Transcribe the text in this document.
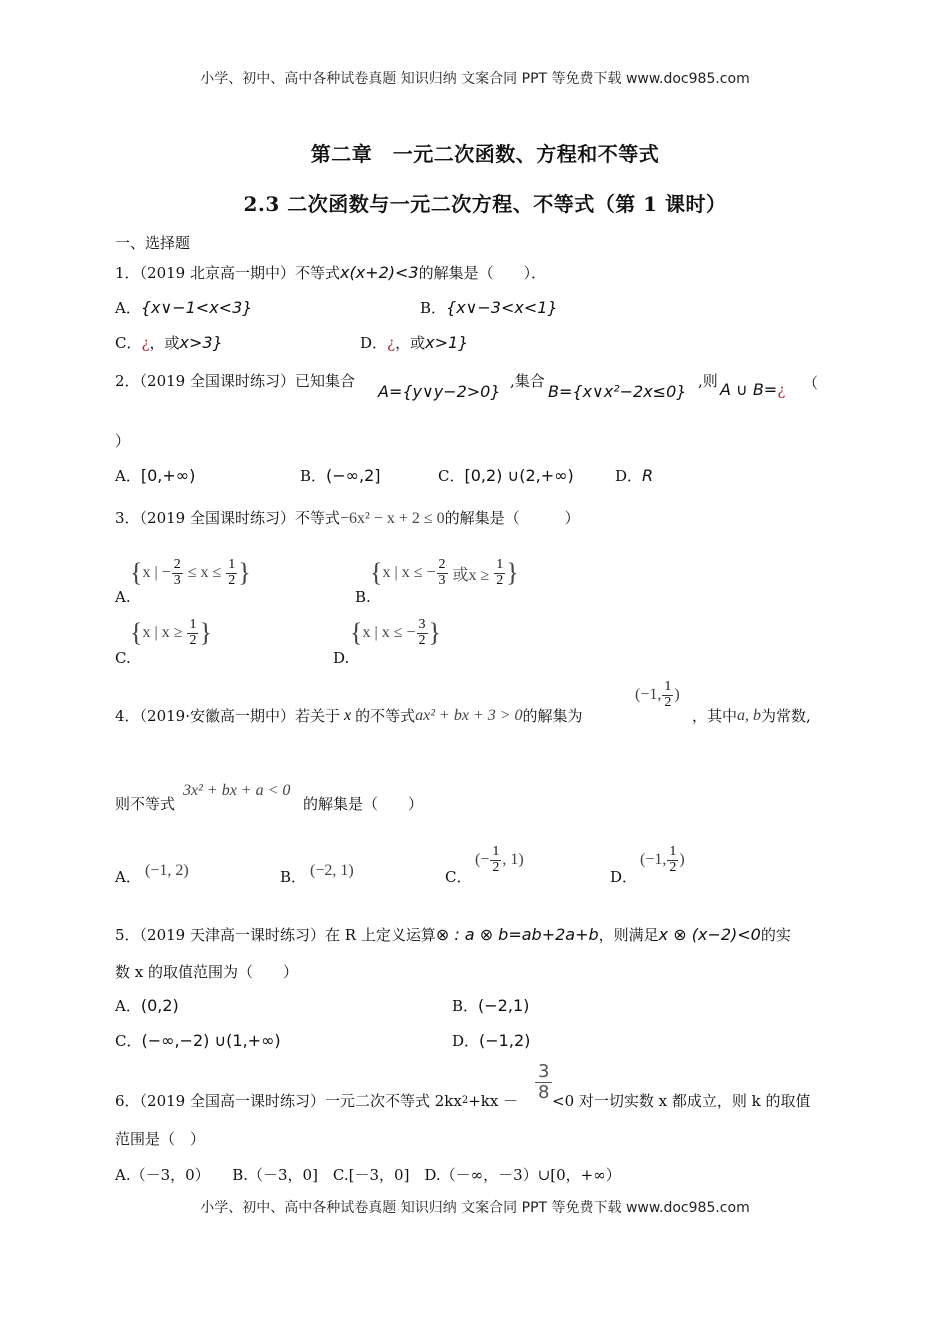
小学、初中、高中各种试卷真题 知识归纳 文案合同 PPT 等免费下载 www.doc985.com
第二章　一元二次函数、方程和不等式
2.3 二次函数与一元二次方程、不等式（第 1 课时）
一、选择题
1．（2019 北京高一期中）不等式x(x+2)<3的解集是（　　）．
A．{x∨−1<x<3}	B．{x∨−3<x<1}
C．¿，或x>3}	D．¿，或x>1}
2．（2019 全国课时练习）已知集合
A={y∨y−2>0}
,集合
B={x∨x²−2x≤0}
,则 A ∪ B=¿ （
）
A．[0,+∞)	B．(−∞,2]	C．[0,2) ∪(2,+∞)	D．R
3．（2019 全国课时练习）不等式−6x² − x + 2 ≤ 0的解集是（　　　）
A.
{ x | − $\frac{2}{3} \le x \le \frac{1}{2}$ }
B.
{ x | x ≤ − $\frac{2}{3}$ 或$x \ge \frac{1}{2}$ }
C.
{ x | $x \ge \frac{1}{2}$ }
D.
{ x | x ≤ − $\frac{3}{2}$ }
4．（2019·安徽高一期中）若关于 x 的不等式 ax² + bx + 3 > 0 的解集为
(−1, $\frac{1}{2}$ )
，其中 a, b 为常数,
则不等式
3x² + bx + a < 0
的解集是（　　）
A． (−1, 2)	B． (−2, 1)	C．
(− $\frac{1}{2}$ , 1)
D．
(−1, $\frac{1}{2}$ )
5．（2019 天津高一课时练习）在 R 上定义运算⊗ : a ⊗ b=ab+2a+b，则满足x ⊗ (x−2)<0的实
数 x 的取值范围为（　　）
A．(0,2)	B．(−2,1)
C．(−∞,−2) ∪(1,+∞)	D．(−1,2)
6．（2019 全国高一课时练习）一元二次不等式 2kx $2 +kx - \frac{3}{8} <0$ 对一切实数 x 都成立，则 k 的取值
范围是（　）
A.（－3，0）　　B.（－3，0]　C.[－3，0]　D.（－∞，－3）∪[0，+∞）
小学、初中、高中各种试卷真题 知识归纳 文案合同 PPT 等免费下载 www.doc985.com
